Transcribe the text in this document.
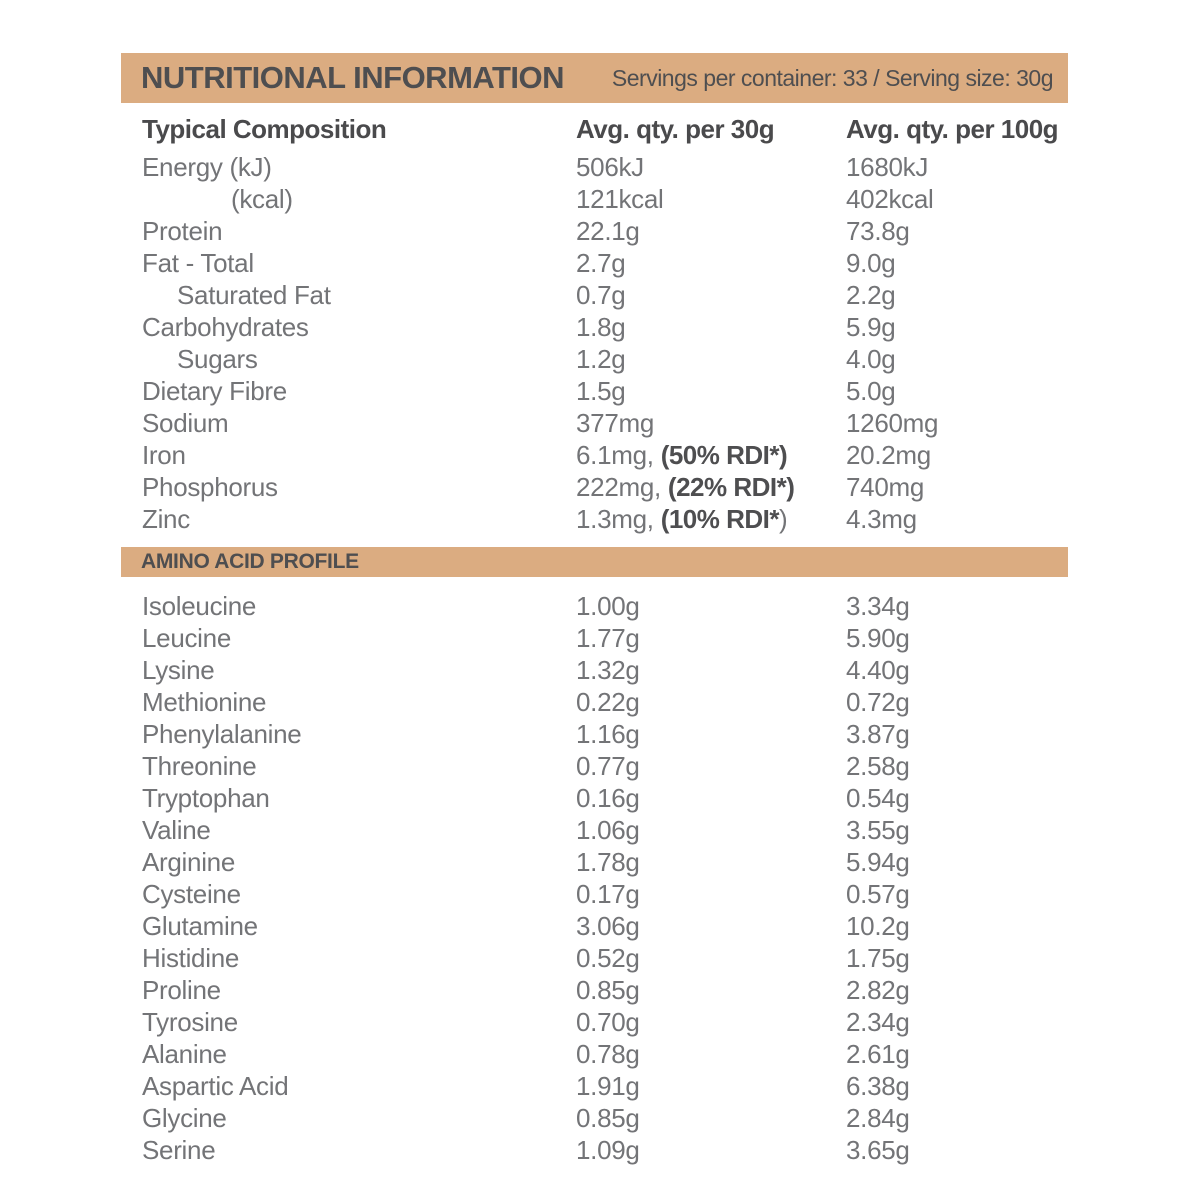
NUTRITIONAL INFORMATION Servings per container: 33 / Serving size: 30g
Typical Composition	Avg. qty. per 30g	Avg. qty. per 100g
Energy (kJ)	506kJ	1680kJ
(kcal)	121kcal	402kcal
Protein	22.1g	73.8g
Fat - Total	2.7g	9.0g
Saturated Fat	0.7g	2.2g
Carbohydrates	1.8g	5.9g
Sugars	1.2g	4.0g
Dietary Fibre	1.5g	5.0g
Sodium	377mg	1260mg
Iron	6.1mg, (50% RDI*)	20.2mg
Phosphorus	222mg, (22% RDI*)	740mg
Zinc	1.3mg, (10% RDI*)	4.3mg
AMINO ACID PROFILE
Isoleucine	1.00g	3.34g
Leucine	1.77g	5.90g
Lysine	1.32g	4.40g
Methionine	0.22g	0.72g
Phenylalanine	1.16g	3.87g
Threonine	0.77g	2.58g
Tryptophan	0.16g	0.54g
Valine	1.06g	3.55g
Arginine	1.78g	5.94g
Cysteine	0.17g	0.57g
Glutamine	3.06g	10.2g
Histidine	0.52g	1.75g
Proline	0.85g	2.82g
Tyrosine	0.70g	2.34g
Alanine	0.78g	2.61g
Aspartic Acid	1.91g	6.38g
Glycine	0.85g	2.84g
Serine	1.09g	3.65g
